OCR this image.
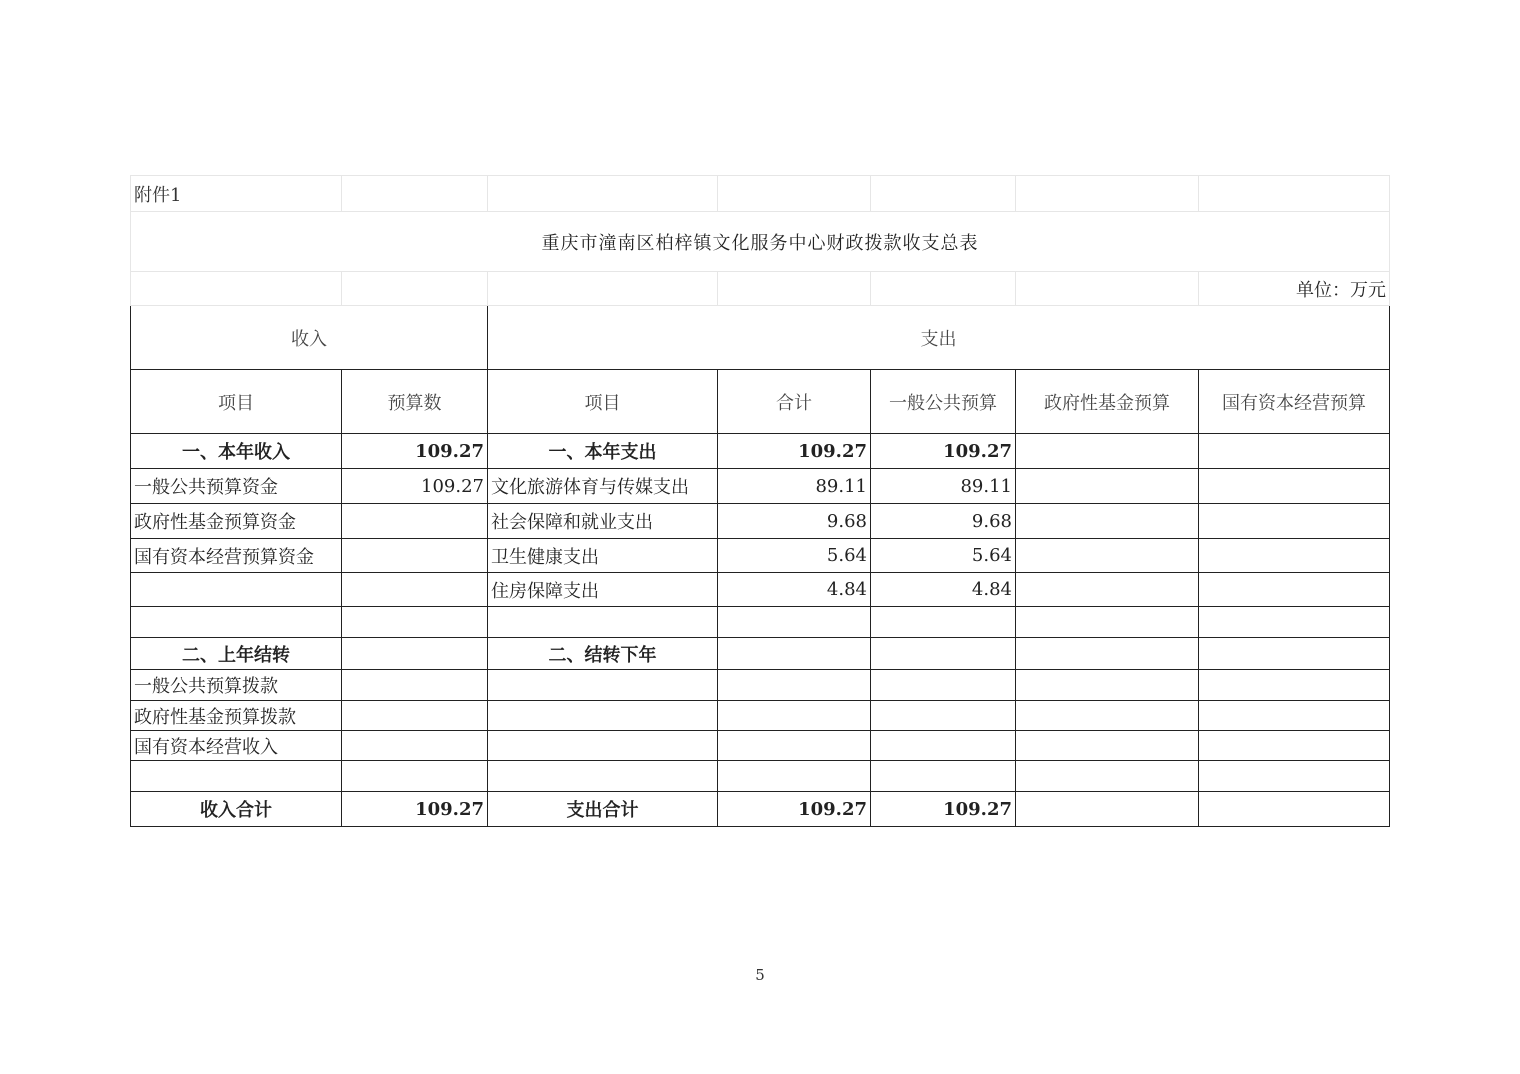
附件1						
重庆市潼南区柏梓镇文化服务中心财政拨款收支总表						
						单位：万元
收入		支出				
项目	预算数	项目	合计	一般公共预算	政府性基金预算	国有资本经营预算
一、本年收入	109.27	一、本年支出	109.27	109.27		
一般公共预算资金	109.27	文化旅游体育与传媒支出	89.11	89.11		
政府性基金预算资金		社会保障和就业支出	9.68	9.68		
国有资本经营预算资金		卫生健康支出	5.64	5.64		
		住房保障支出	4.84	4.84		

二、上年结转		二、结转下年				
一般公共预算拨款						
政府性基金预算拨款						
国有资本经营收入						

收入合计	109.27	支出合计	109.27	109.27		
5
